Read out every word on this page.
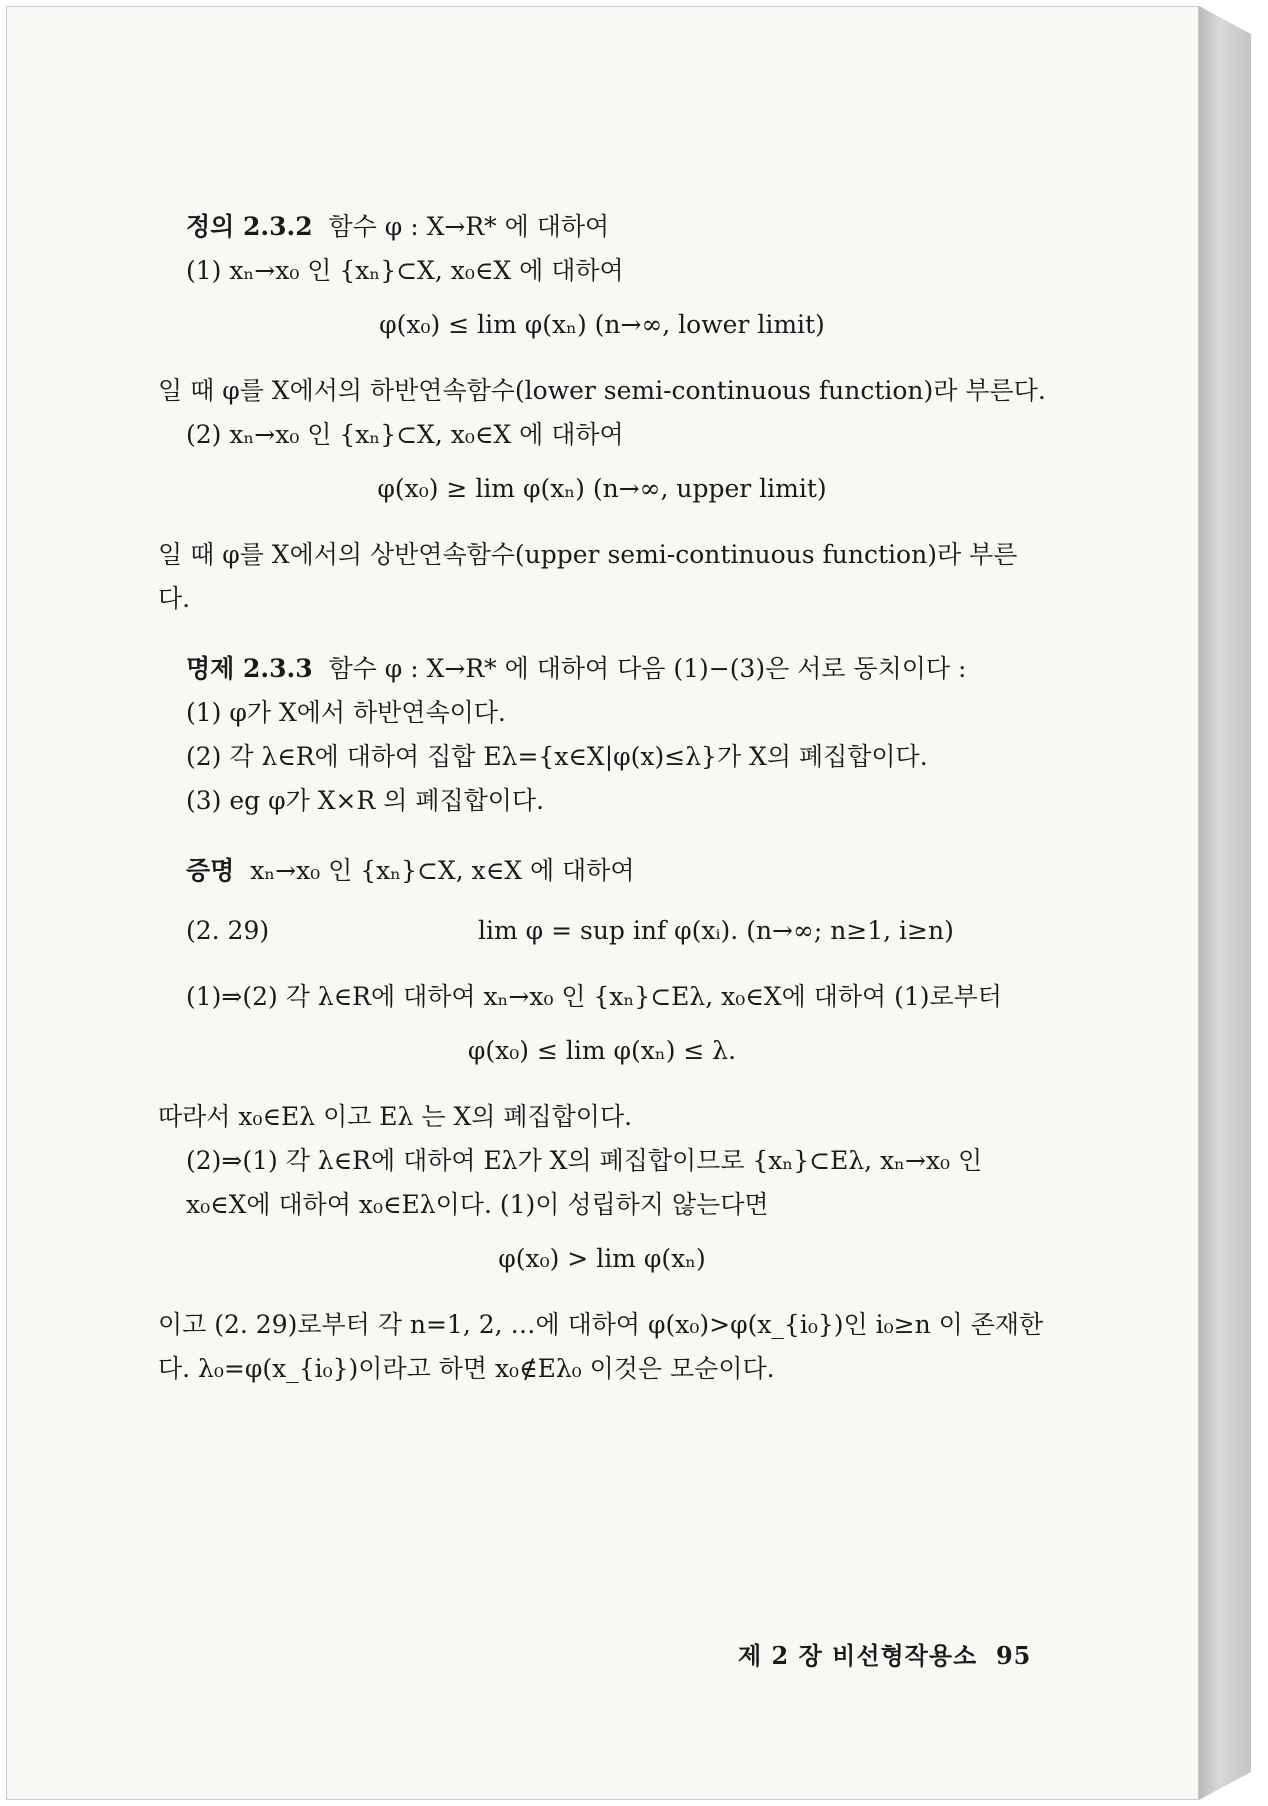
정의 2.3.2 함수 φ : X→R* 에 대하여

(1) xₙ→x₀ 인 {xₙ}⊂X, x₀∈X 에 대하여

φ(x₀) ≤ lim φ(xₙ) (n→∞, lower limit)

일 때 φ를 X에서의 하반연속함수(lower semi-continuous function)라 부른다.

(2) xₙ→x₀ 인 {xₙ}⊂X, x₀∈X 에 대하여

φ(x₀) ≥ lim φ(xₙ) (n→∞, upper limit)

일 때 φ를 X에서의 상반연속함수(upper semi-continuous function)라 부른다.

명제 2.3.3 함수 φ : X→R* 에 대하여 다음 (1)−(3)은 서로 동치이다 :

(1) φ가 X에서 하반연속이다.

(2) 각 λ∈R에 대하여 집합 Eλ={x∈X|φ(x)≤λ}가 X의 폐집합이다.

(3) eg φ가 X×R 의 폐집합이다.

증명 xₙ→x₀ 인 {xₙ}⊂X, x∈X 에 대하여

(2. 29)	lim φ = sup inf φ(xᵢ). (n→∞; n≥1, i≥n)

(1)⇒(2) 각 λ∈R에 대하여 xₙ→x₀ 인 {xₙ}⊂Eλ, x₀∈X에 대하여 (1)로부터

φ(x₀) ≤ lim φ(xₙ) ≤ λ.

따라서 x₀∈Eλ 이고 Eλ 는 X의 폐집합이다.

(2)⇒(1) 각 λ∈R에 대하여 Eλ가 X의 폐집합이므로 {xₙ}⊂Eλ, xₙ→x₀ 인 x₀∈X에 대하여 x₀∈Eλ이다. (1)이 성립하지 않는다면

φ(x₀) > lim φ(xₙ)

이고 (2. 29)로부터 각 n=1, 2, …에 대하여 φ(x₀)>φ(x_{i₀})인 i₀≥n 이 존재한다. λ₀=φ(x_{i₀})이라고 하면 x₀∉Eλ₀ 이것은 모순이다.

제 2 장 비선형작용소 95
